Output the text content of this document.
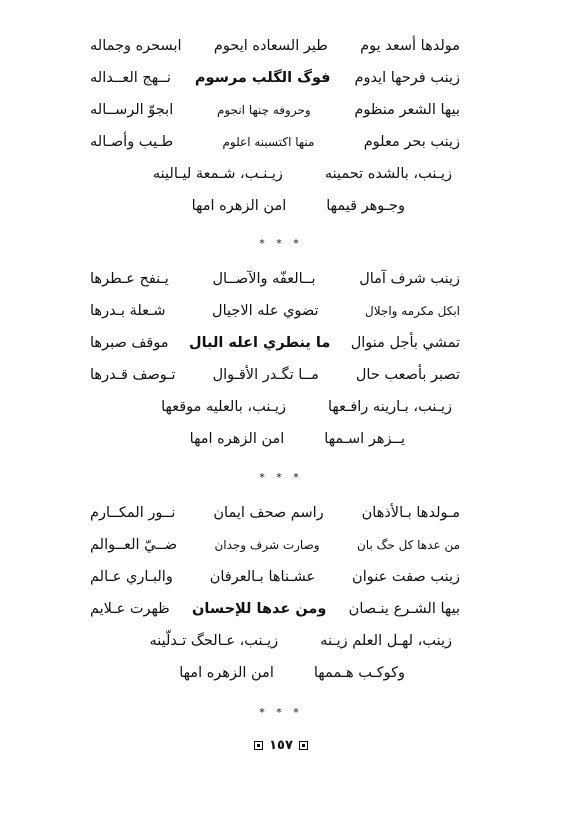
مولدها أسعد يوم
طير السعاده ايحوم
ابسحره وجماله
زينب فرحها ايدوم
فوگ الگلب مرسوم
نــهج العــداله
بيها الشعر منظوم
وحروفه چنها انجوم
ابجوّ الرســاله
زينب بحر معلوم
منها اكتسبنه اعلوم
طـيب وأصـاله
زيـنب، بالشده تحمينه
زيـنـب، شـمعة ليـالينه
وجـوهر قيمها
امن الزهره امها
* * *
زينب شرف آمال
بــالعفّه والآصــال
يـنفح عـطرها
ابكل مكرمه واجلال
تضوي عله الاجيال
شـعلة بـدرها
تمشي بأجل منوال
ما ينطري اعله البال
موقف صبرها
تصبر بأصعب حال
مــا تگـدر الأقـوال
تـوصف قـدرها
زيـنب، بـارينه رافـعها
زيـنب، بالعليه موقعها
يــزهر اسـمها
امن الزهره امها
* * *
مـولدها بـالأذهان
راسم صحف ايمان
نــور المكــارم
من عدها كل حگ بان
وصارت شرف وجدان
ضــيّ العــوالم
زينب صفت عنوان
عشـناها بـالعرفان
والبـاري عـالم
بيها الشـرع ينـصان
ومن عدها للإحسان
ظهرت عـلايم
زينب، لهـل العلم زيـنه
زيـنب، عـالحگ تـدلّينه
وكوكـب هـممها
امن الزهره امها
* * *
١٥٧
